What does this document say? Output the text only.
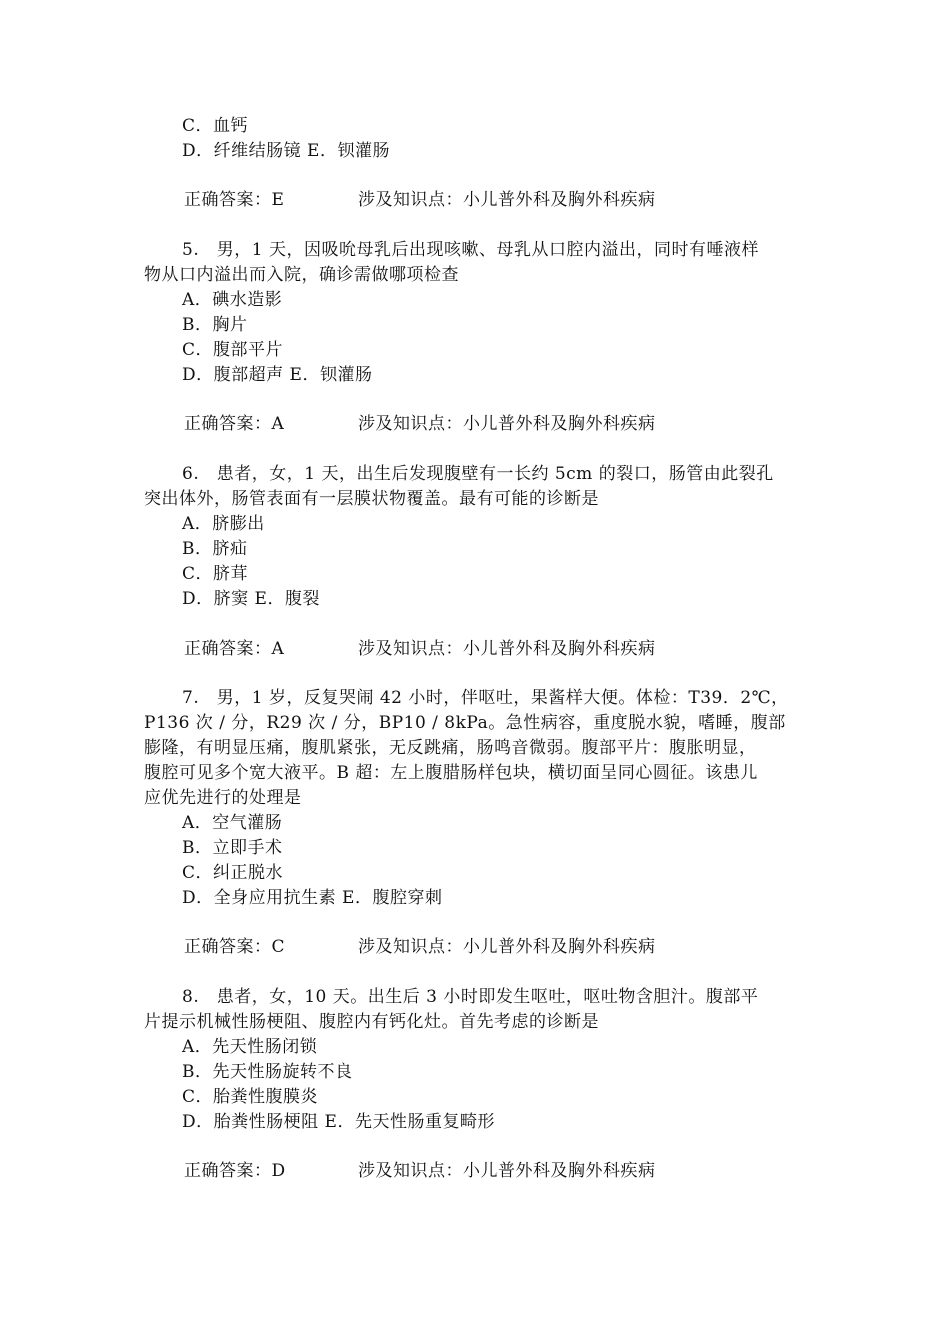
C．血钙
D．纤维结肠镜 E．钡灌肠
正确答案：E	涉及知识点：小儿普外科及胸外科疾病
5.　男，1 天，因吸吮母乳后出现咳嗽、母乳从口腔内溢出，同时有唾液样
物从口内溢出而入院，确诊需做哪项检查
A．碘水造影
B．胸片
C．腹部平片
D．腹部超声 E．钡灌肠
正确答案：A	涉及知识点：小儿普外科及胸外科疾病
6.　患者，女，1 天，出生后发现腹壁有一长约 5cm 的裂口，肠管由此裂孔
突出体外，肠管表面有一层膜状物覆盖。最有可能的诊断是
A．脐膨出
B．脐疝
C．脐茸
D．脐窦 E．腹裂
正确答案：A	涉及知识点：小儿普外科及胸外科疾病
7.　男，1 岁，反复哭闹 42 小时，伴呕吐，果酱样大便。体检：T39．2℃，
P136 次 / 分，R29 次 / 分，BP10 / 8kPa。急性病容，重度脱水貌，嗜睡，腹部
膨隆，有明显压痛，腹肌紧张，无反跳痛，肠鸣音微弱。腹部平片：腹胀明显，
腹腔可见多个宽大液平。B 超：左上腹腊肠样包块，横切面呈同心圆征。该患儿
应优先进行的处理是
A．空气灌肠
B．立即手术
C．纠正脱水
D．全身应用抗生素 E．腹腔穿刺
正确答案：C	涉及知识点：小儿普外科及胸外科疾病
8.　患者，女，10 天。出生后 3 小时即发生呕吐，呕吐物含胆汁。腹部平
片提示机械性肠梗阻、腹腔内有钙化灶。首先考虑的诊断是
A．先天性肠闭锁
B．先天性肠旋转不良
C．胎粪性腹膜炎
D．胎粪性肠梗阻 E．先天性肠重复畸形
正确答案：D	涉及知识点：小儿普外科及胸外科疾病
